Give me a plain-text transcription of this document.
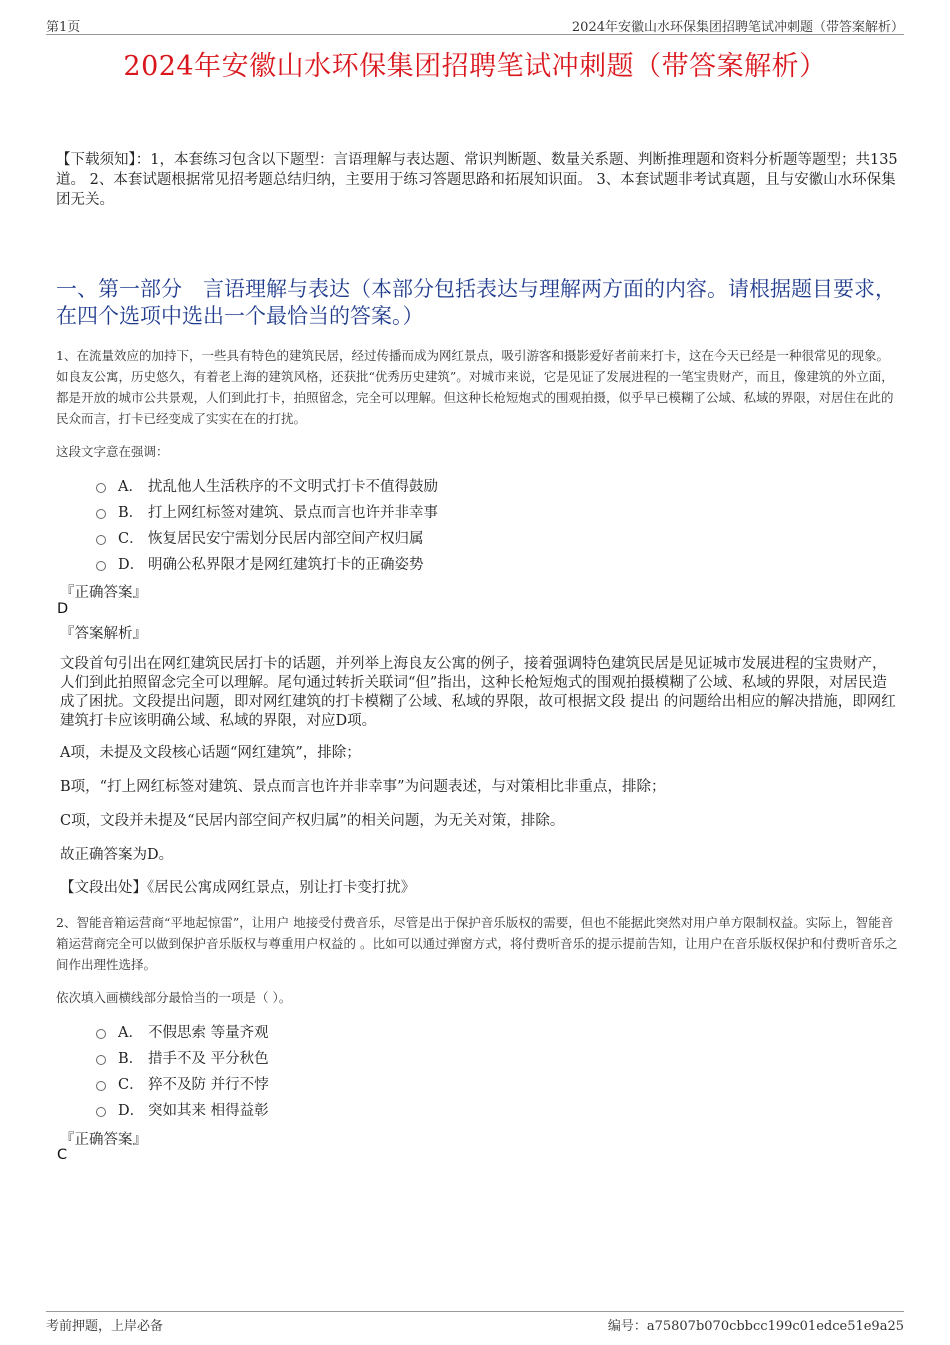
第1页	2024年安徽山水环保集团招聘笔试冲刺题（带答案解析）
2024年安徽山水环保集团招聘笔试冲刺题（带答案解析）
【下载须知】：1，本套练习包含以下题型：言语理解与表达题、常识判断题、数量关系题、判断推理题和资料分析题等题型；共135道。 2、本套试题根据常见招考题总结归纳，主要用于练习答题思路和拓展知识面。 3、本套试题非考试真题，且与安徽山水环保集团无关。
一、第一部分　言语理解与表达（本部分包括表达与理解两方面的内容。请根据题目要求，在四个选项中选出一个最恰当的答案。）
1、在流量效应的加持下，一些具有特色的建筑民居，经过传播而成为网红景点，吸引游客和摄影爱好者前来打卡，这在今天已经是一种很常见的现象。如良友公寓，历史悠久，有着老上海的建筑风格，还获批“优秀历史建筑”。对城市来说，它是见证了发展进程的一笔宝贵财产，而且，像建筑的外立面，都是开放的城市公共景观，人们到此打卡，拍照留念，完全可以理解。但这种长枪短炮式的围观拍摄，似乎早已模糊了公域、私域的界限，对居住在此的民众而言，打卡已经变成了实实在在的打扰。
这段文字意在强调：
A． 扰乱他人生活秩序的不文明式打卡不值得鼓励
B． 打上网红标签对建筑、景点而言也许并非幸事
C． 恢复居民安宁需划分民居内部空间产权归属
D． 明确公私界限才是网红建筑打卡的正确姿势
『正确答案』
D
『答案解析』
文段首句引出在网红建筑民居打卡的话题，并列举上海良友公寓的例子，接着强调特色建筑民居是见证城市发展进程的宝贵财产，人们到此拍照留念完全可以理解。尾句通过转折关联词“但”指出，这种长枪短炮式的围观拍摄模糊了公域、私域的界限，对居民造成了困扰。文段提出问题，即对网红建筑的打卡模糊了公域、私域的界限，故可根据文段 提出 的问题给出相应的解决措施，即网红建筑打卡应该明确公域、私域的界限，对应D项。
A项，未提及文段核心话题“网红建筑”，排除；
B项，“打上网红标签对建筑、景点而言也许并非幸事”为问题表述，与对策相比非重点，排除；
C项，文段并未提及“民居内部空间产权归属”的相关问题，为无关对策，排除。
故正确答案为D。
【文段出处】《居民公寓成网红景点，别让打卡变打扰》
2、智能音箱运营商“平地起惊雷”，让用户 地接受付费音乐，尽管是出于保护音乐版权的需要，但也不能据此突然对用户单方限制权益。实际上，智能音箱运营商完全可以做到保护音乐版权与尊重用户权益的 。比如可以通过弹窗方式，将付费听音乐的提示提前告知，让用户在音乐版权保护和付费听音乐之间作出理性选择。
依次填入画横线部分最恰当的一项是（ ）。
A． 不假思索 等量齐观
B． 措手不及 平分秋色
C． 猝不及防 并行不悖
D． 突如其来 相得益彰
『正确答案』
C
考前押题，上岸必备	编号：a75807b070cbbcc199c01edce51e9a25
